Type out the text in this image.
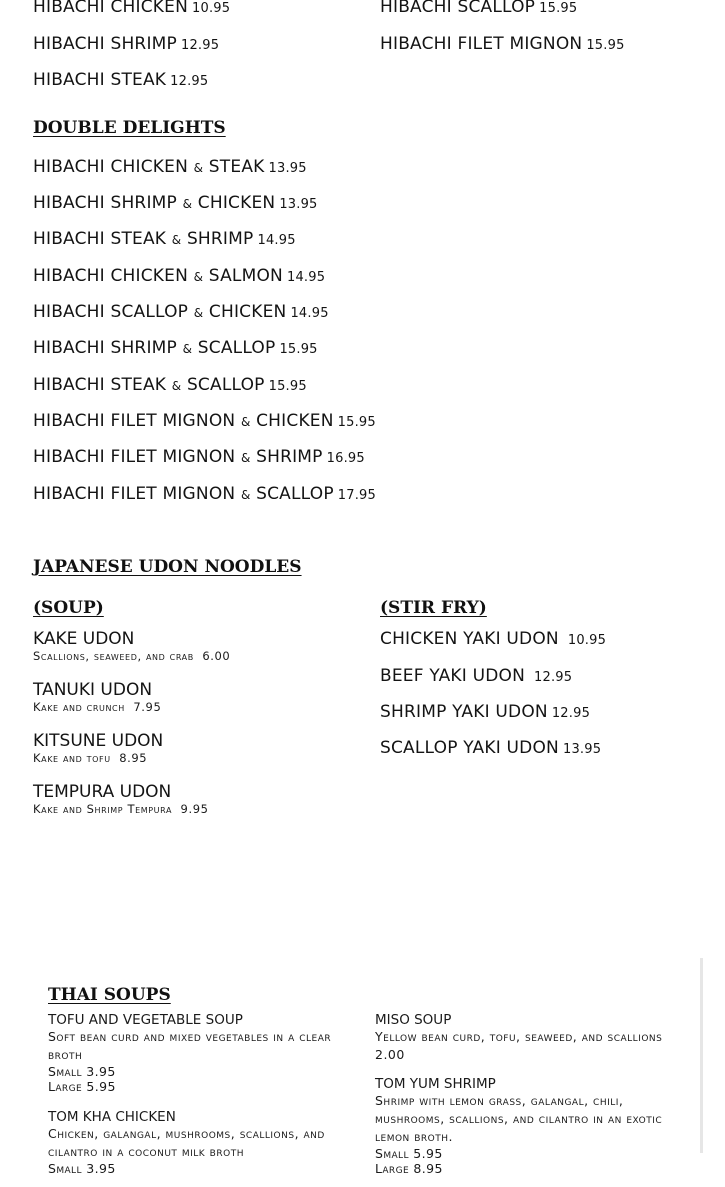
HIBACHI CHICKEN 10.95
HIBACHI SHRIMP 12.95
HIBACHI STEAK 12.95
HIBACHI SCALLOP 15.95
HIBACHI FILET MIGNON 15.95
DOUBLE DELIGHTS
HIBACHI CHICKEN & STEAK 13.95
HIBACHI SHRIMP & CHICKEN 13.95
HIBACHI STEAK & SHRIMP 14.95
HIBACHI CHICKEN & SALMON 14.95
HIBACHI SCALLOP & CHICKEN 14.95
HIBACHI SHRIMP & SCALLOP 15.95
HIBACHI STEAK & SCALLOP 15.95
HIBACHI FILET MIGNON & CHICKEN 15.95
HIBACHI FILET MIGNON & SHRIMP 16.95
HIBACHI FILET MIGNON & SCALLOP 17.95
JAPANESE UDON NOODLES
(SOUP)	(STIR FRY)
KAKE UDON
Scallions, seaweed, and crab 6.00
TANUKI UDON
Kake and crunch 7.95
KITSUNE UDON
Kake and tofu 8.95
TEMPURA UDON
Kake and Shrimp Tempura 9.95
CHICKEN YAKI UDON 10.95
BEEF YAKI UDON 12.95
SHRIMP YAKI UDON 12.95
SCALLOP YAKI UDON 13.95
THAI SOUPS
TOFU AND VEGETABLE SOUP
Soft bean curd and mixed vegetables in a clear broth
Small 3.95
Large 5.95
TOM KHA CHICKEN
Chicken, galangal, mushrooms, scallions, and cilantro in a coconut milk broth
Small 3.95
MISO SOUP
Yellow bean curd, tofu, seaweed, and scallions 2.00
TOM YUM SHRIMP
Shrimp with lemon grass, galangal, chili, mushrooms, scallions, and cilantro in an exotic lemon broth.
Small 5.95
Large 8.95
